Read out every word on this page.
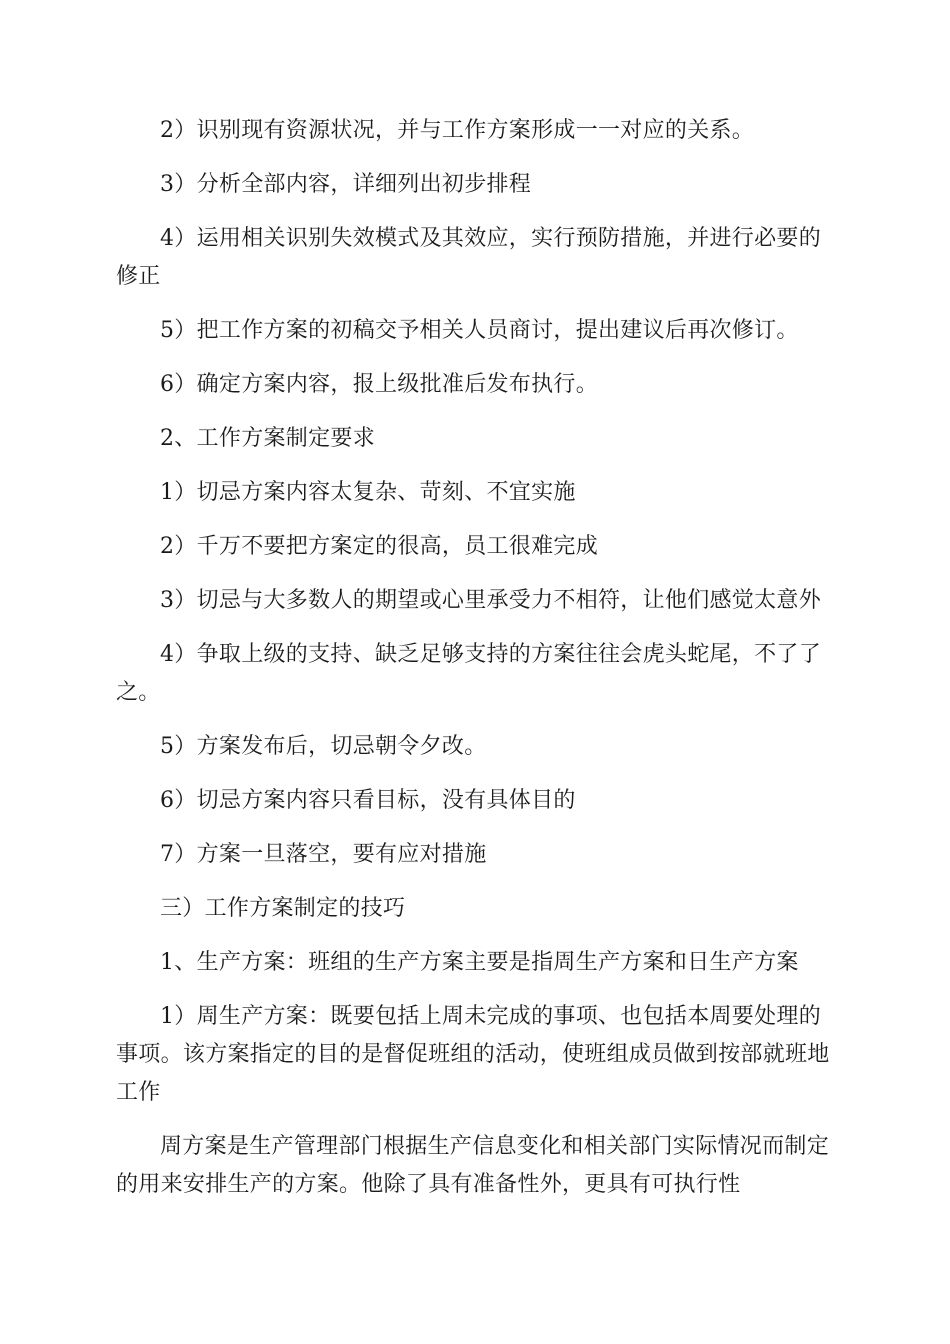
2）识别现有资源状况，并与工作方案形成一一对应的关系。

3）分析全部内容，详细列出初步排程

4）运用相关识别失效模式及其效应，实行预防措施，并进行必要的修正

5）把工作方案的初稿交予相关人员商讨，提出建议后再次修订。

6）确定方案内容，报上级批准后发布执行。

2、工作方案制定要求

1）切忌方案内容太复杂、苛刻、不宜实施

2）千万不要把方案定的很高，员工很难完成

3）切忌与大多数人的期望或心里承受力不相符，让他们感觉太意外

4）争取上级的支持、缺乏足够支持的方案往往会虎头蛇尾，不了了之。

5）方案发布后，切忌朝令夕改。

6）切忌方案内容只看目标，没有具体目的

7）方案一旦落空，要有应对措施

三）工作方案制定的技巧

1、生产方案：班组的生产方案主要是指周生产方案和日生产方案

1）周生产方案：既要包括上周未完成的事项、也包括本周要处理的事项。该方案指定的目的是督促班组的活动，使班组成员做到按部就班地工作

周方案是生产管理部门根据生产信息变化和相关部门实际情况而制定的用来安排生产的方案。他除了具有准备性外，更具有可执行性
